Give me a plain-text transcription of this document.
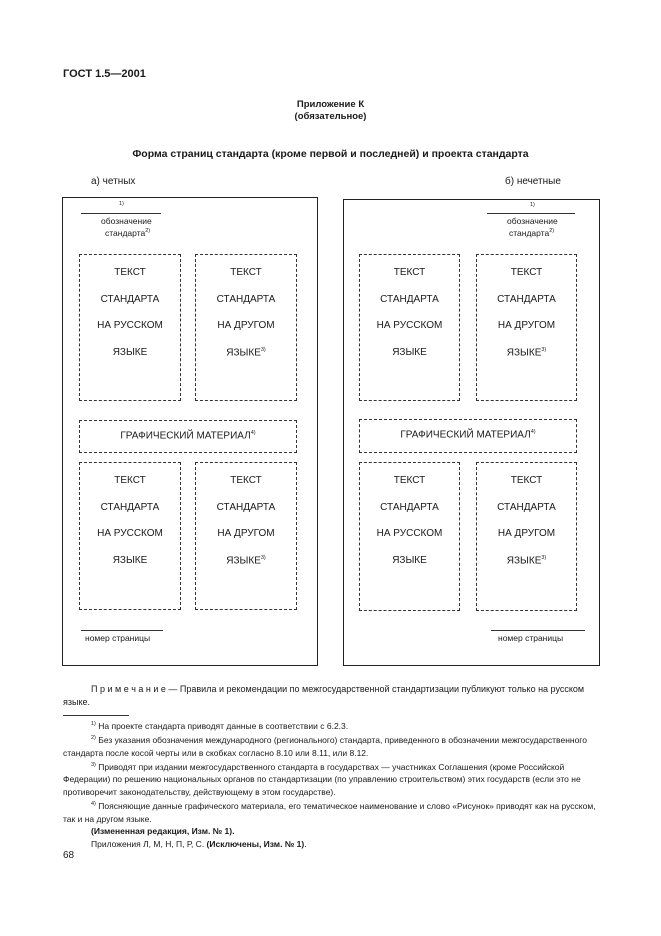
ГОСТ 1.5—2001
Приложение К
(обязательное)
Форма страниц стандарта (кроме первой и последней) и проекта стандарта
а) четных	б) нечетные
1)
обозначение
стандарта$^{2)}$
ТЕКСТ
СТАНДАРТА
НА РУССКОМ
ЯЗЫКЕ
ТЕКСТ
СТАНДАРТА
НА ДРУГОМ
ЯЗЫКЕ$^{3)}$
ГРАФИЧЕСКИЙ МАТЕРИАЛ$^{4)}$
ТЕКСТ
СТАНДАРТА
НА РУССКОМ
ЯЗЫКЕ
ТЕКСТ
СТАНДАРТА
НА ДРУГОМ
ЯЗЫКЕ$^{3)}$
номер страницы
1)
обозначение
стандарта$^{2)}$
ТЕКСТ
СТАНДАРТА
НА РУССКОМ
ЯЗЫКЕ
ТЕКСТ
СТАНДАРТА
НА ДРУГОМ
ЯЗЫКЕ$^{3)}$
ГРАФИЧЕСКИЙ МАТЕРИАЛ$^{4)}$
ТЕКСТ
СТАНДАРТА
НА РУССКОМ
ЯЗЫКЕ
ТЕКСТ
СТАНДАРТА
НА ДРУГОМ
ЯЗЫКЕ$^{3)}$
номер страницы
П р и м е ч а н и е — Правила и рекомендации по межгосударственной стандартизации публикуют только на русском языке.
$^{1)}$ На проекте стандарта приводят данные в соответствии с 6.2.3.
$^{2)}$ Без указания обозначения международного (регионального) стандарта, приведенного в обозначении межгосударственного стандарта после косой черты или в скобках согласно 8.10 или 8.11, или 8.12.
$^{3)}$ Приводят при издании межгосударственного стандарта в государствах — участниках Соглашения (кроме Российской Федерации) по решению национальных органов по стандартизации (по управлению строительством) этих государств (если это не противоречит законодательству, действующему в этом государстве).
$^{4)}$ Поясняющие данные графического материала, его тематическое наименование и слово «Рисунок» приводят как на русском, так и на другом языке.
(Измененная редакция, Изм. № 1).
Приложения Л, М, Н, П, Р, С. (Исключены, Изм. № 1).
68
